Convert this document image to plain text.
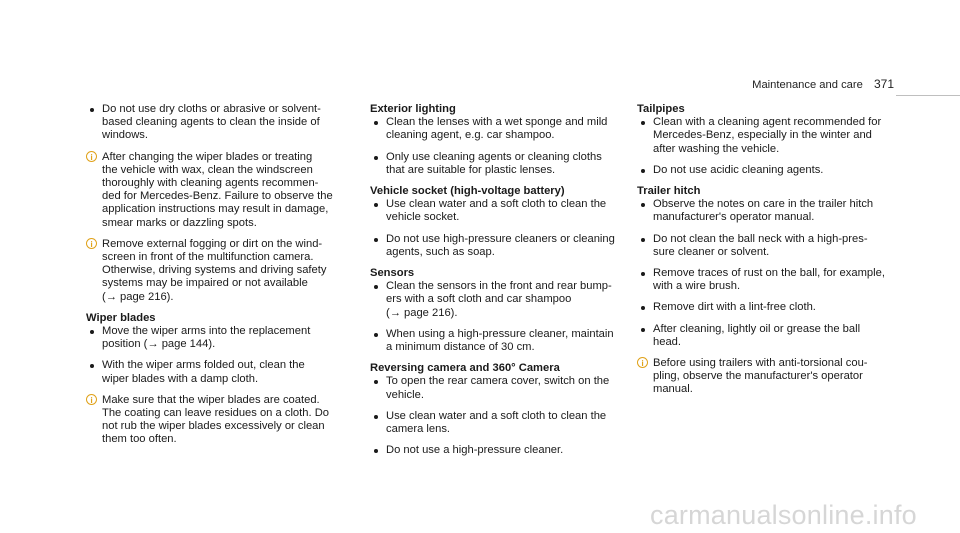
Maintenance and care 371
Do not use dry cloths or abrasive or solvent-
based cleaning agents to clean the inside of
windows.
i After changing the wiper blades or treating
the vehicle with wax, clean the windscreen
thoroughly with cleaning agents recommen-
ded for Mercedes-Benz. Failure to observe the
application instructions may result in damage,
smear marks or dazzling spots.
i Remove external fogging or dirt on the wind-
screen in front of the multifunction camera.
Otherwise, driving systems and driving safety
systems may be impaired or not available
(→ page 216).
Wiper blades
Move the wiper arms into the replacement
position (→ page 144).
With the wiper arms folded out, clean the
wiper blades with a damp cloth.
i Make sure that the wiper blades are coated.
The coating can leave residues on a cloth. Do
not rub the wiper blades excessively or clean
them too often.
Exterior lighting
Clean the lenses with a wet sponge and mild
cleaning agent, e.g. car shampoo.
Only use cleaning agents or cleaning cloths
that are suitable for plastic lenses.
Vehicle socket (high-voltage battery)
Use clean water and a soft cloth to clean the
vehicle socket.
Do not use high-pressure cleaners or cleaning
agents, such as soap.
Sensors
Clean the sensors in the front and rear bump-
ers with a soft cloth and car shampoo
(→ page 216).
When using a high-pressure cleaner, maintain
a minimum distance of 30 cm.
Reversing camera and 360° Camera
To open the rear camera cover, switch on the
vehicle.
Use clean water and a soft cloth to clean the
camera lens.
Do not use a high-pressure cleaner.
Tailpipes
Clean with a cleaning agent recommended for
Mercedes-Benz, especially in the winter and
after washing the vehicle.
Do not use acidic cleaning agents.
Trailer hitch
Observe the notes on care in the trailer hitch
manufacturer's operator manual.
Do not clean the ball neck with a high-pres-
sure cleaner or solvent.
Remove traces of rust on the ball, for example,
with a wire brush.
Remove dirt with a lint-free cloth.
After cleaning, lightly oil or grease the ball
head.
i Before using trailers with anti-torsional cou-
pling, observe the manufacturer's operator
manual.
carmanualsonline.info
